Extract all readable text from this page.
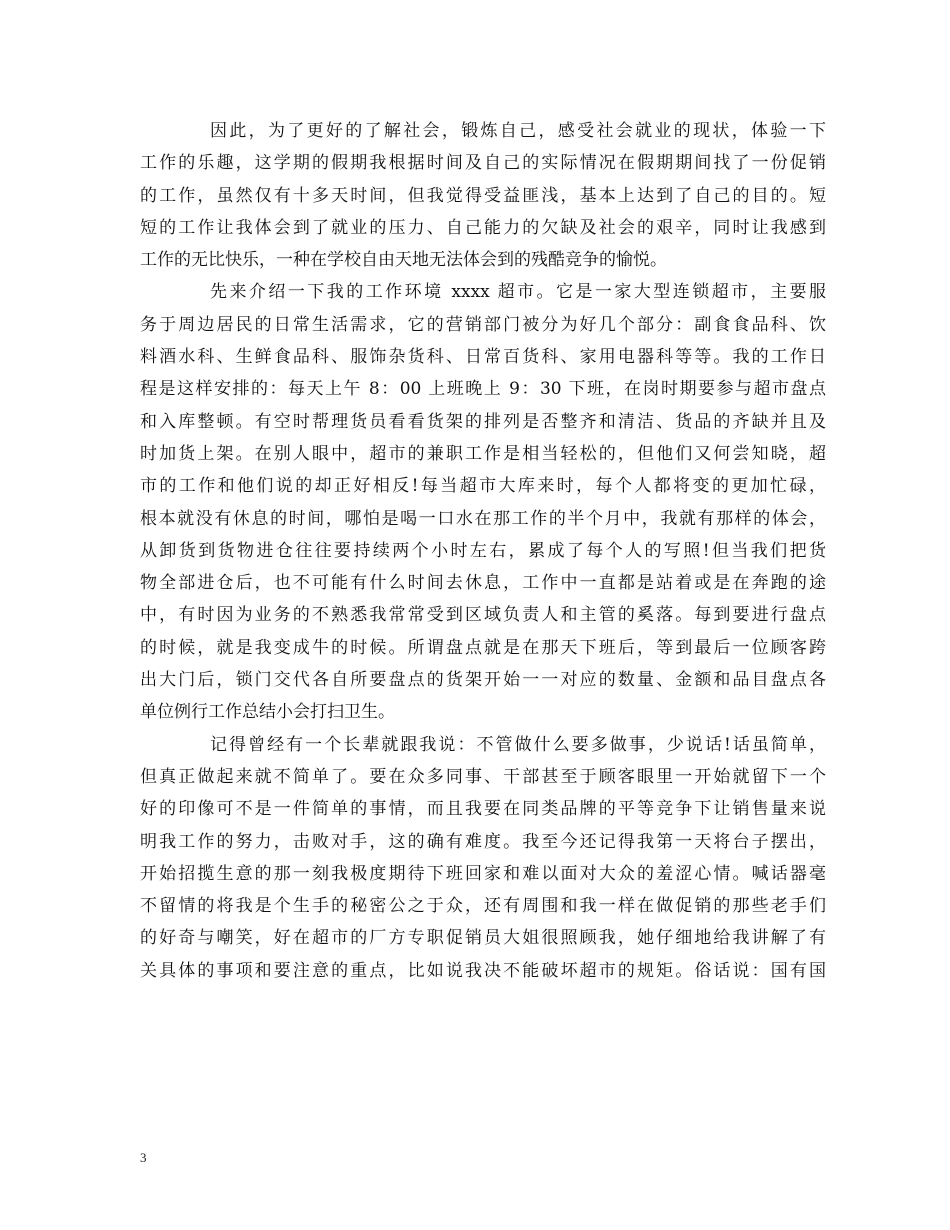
因此，为了更好的了解社会，锻炼自己，感受社会就业的现状，体验一下
工作的乐趣，这学期的假期我根据时间及自己的实际情况在假期期间找了一份促销
的工作，虽然仅有十多天时间，但我觉得受益匪浅，基本上达到了自己的目的。短
短的工作让我体会到了就业的压力、自己能力的欠缺及社会的艰辛，同时让我感到
工作的无比快乐，一种在学校自由天地无法体会到的残酷竞争的愉悦。
先来介绍一下我的工作环境 xxxx 超市。它是一家大型连锁超市，主要服
务于周边居民的日常生活需求，它的营销部门被分为好几个部分：副食食品科、饮
料酒水科、生鲜食品科、服饰杂货科、日常百货科、家用电器科等等。我的工作日
程是这样安排的：每天上午 8：00 上班晚上 9：30 下班，在岗时期要参与超市盘点
和入库整顿。有空时帮理货员看看货架的排列是否整齐和清洁、货品的齐缺并且及
时加货上架。在别人眼中，超市的兼职工作是相当轻松的，但他们又何尝知晓，超
市的工作和他们说的却正好相反!每当超市大库来时，每个人都将变的更加忙碌，
根本就没有休息的时间，哪怕是喝一口水在那工作的半个月中，我就有那样的体会，
从卸货到货物进仓往往要持续两个小时左右，累成了每个人的写照!但当我们把货
物全部进仓后，也不可能有什么时间去休息，工作中一直都是站着或是在奔跑的途
中，有时因为业务的不熟悉我常常受到区域负责人和主管的奚落。每到要进行盘点
的时候，就是我变成牛的时候。所谓盘点就是在那天下班后，等到最后一位顾客跨
出大门后，锁门交代各自所要盘点的货架开始一一对应的数量、金额和品目盘点各
单位例行工作总结小会打扫卫生。
记得曾经有一个长辈就跟我说：不管做什么要多做事，少说话!话虽简单，
但真正做起来就不简单了。要在众多同事、干部甚至于顾客眼里一开始就留下一个
好的印像可不是一件简单的事情，而且我要在同类品牌的平等竞争下让销售量来说
明我工作的努力，击败对手，这的确有难度。我至今还记得我第一天将台子摆出，
开始招揽生意的那一刻我极度期待下班回家和难以面对大众的羞涩心情。喊话器毫
不留情的将我是个生手的秘密公之于众，还有周围和我一样在做促销的那些老手们
的好奇与嘲笑，好在超市的厂方专职促销员大姐很照顾我，她仔细地给我讲解了有
关具体的事项和要注意的重点，比如说我决不能破坏超市的规矩。俗话说：国有国
3
